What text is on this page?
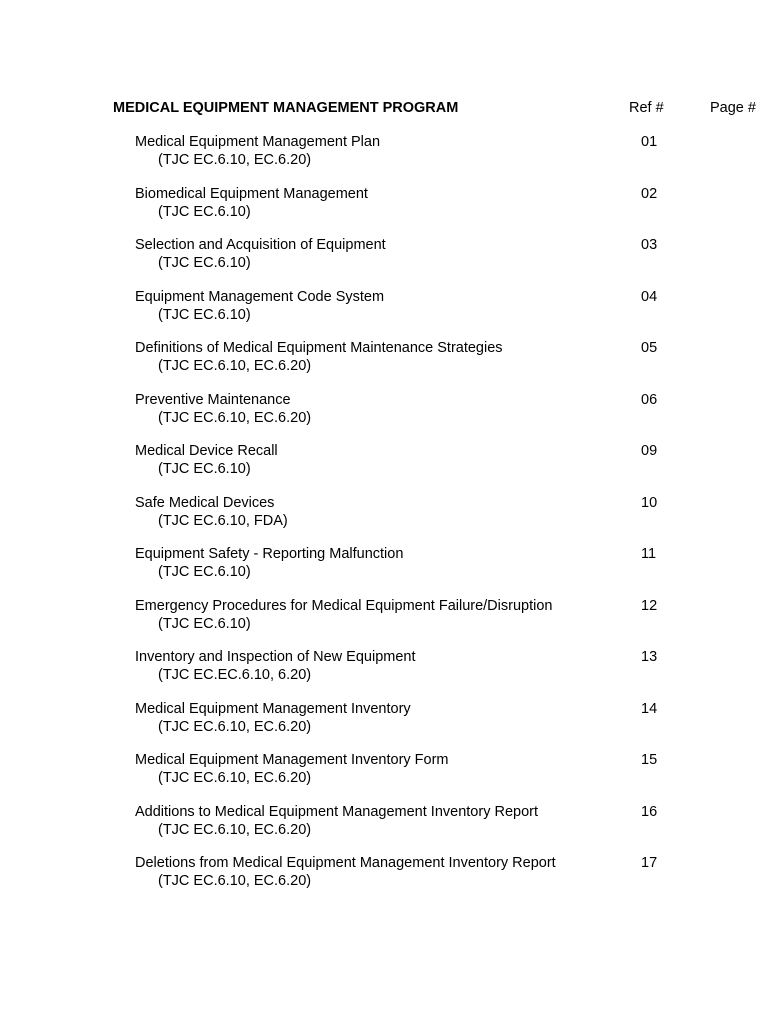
MEDICAL EQUIPMENT MANAGEMENT PROGRAM	Ref #	Page #
Medical Equipment Management Plan
(TJC EC.6.10, EC.6.20)
01
Biomedical Equipment Management
(TJC EC.6.10)
02
Selection and Acquisition of Equipment
(TJC EC.6.10)
03
Equipment Management Code System
(TJC EC.6.10)
04
Definitions of Medical Equipment Maintenance Strategies
(TJC EC.6.10, EC.6.20)
05
Preventive Maintenance
(TJC EC.6.10, EC.6.20)
06
Medical Device Recall
(TJC EC.6.10)
09
Safe Medical Devices
(TJC EC.6.10, FDA)
10
Equipment Safety - Reporting Malfunction
(TJC EC.6.10)
11
Emergency Procedures for Medical Equipment Failure/Disruption
(TJC EC.6.10)
12
Inventory and Inspection of New Equipment
(TJC EC.EC.6.10, 6.20)
13
Medical Equipment Management Inventory
(TJC EC.6.10, EC.6.20)
14
Medical Equipment Management Inventory Form
(TJC EC.6.10, EC.6.20)
15
Additions to Medical Equipment Management Inventory Report
(TJC EC.6.10, EC.6.20)
16
Deletions from Medical Equipment Management Inventory Report
(TJC EC.6.10, EC.6.20)
17
